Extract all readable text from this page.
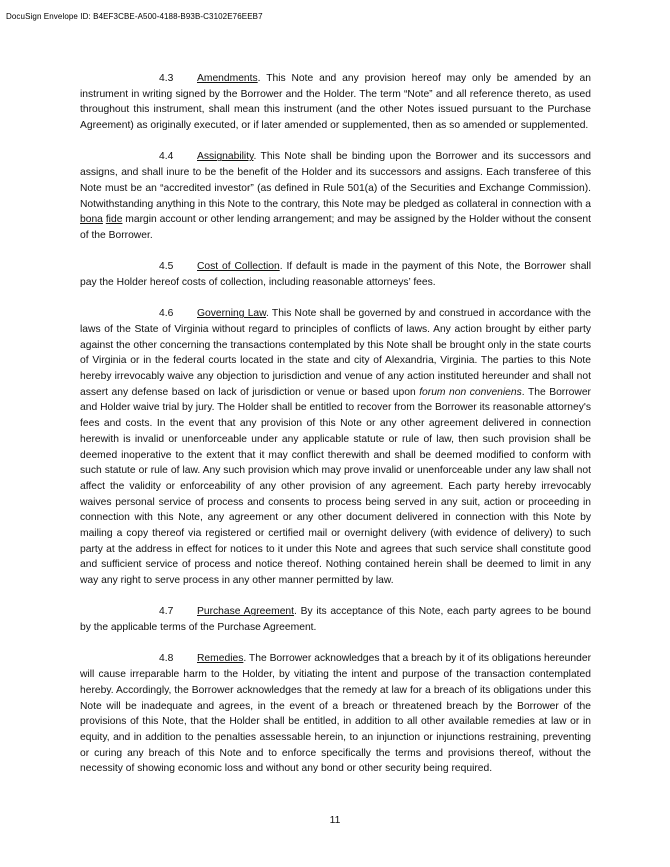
DocuSign Envelope ID: B4EF3CBE-A500-4188-B93B-C3102E76EEB7

4.3 Amendments. This Note and any provision hereof may only be amended by an instrument in writing signed by the Borrower and the Holder. The term “Note” and all reference thereto, as used throughout this instrument, shall mean this instrument (and the other Notes issued pursuant to the Purchase Agreement) as originally executed, or if later amended or supplemented, then as so amended or supplemented.

4.4 Assignability. This Note shall be binding upon the Borrower and its successors and assigns, and shall inure to be the benefit of the Holder and its successors and assigns. Each transferee of this Note must be an “accredited investor” (as defined in Rule 501(a) of the Securities and Exchange Commission). Notwithstanding anything in this Note to the contrary, this Note may be pledged as collateral in connection with a bona fide margin account or other lending arrangement; and may be assigned by the Holder without the consent of the Borrower.

4.5 Cost of Collection. If default is made in the payment of this Note, the Borrower shall pay the Holder hereof costs of collection, including reasonable attorneys’ fees.

4.6 Governing Law. This Note shall be governed by and construed in accordance with the laws of the State of Virginia without regard to principles of conflicts of laws. Any action brought by either party against the other concerning the transactions contemplated by this Note shall be brought only in the state courts of Virginia or in the federal courts located in the state and city of Alexandria, Virginia. The parties to this Note hereby irrevocably waive any objection to jurisdiction and venue of any action instituted hereunder and shall not assert any defense based on lack of jurisdiction or venue or based upon forum non conveniens. The Borrower and Holder waive trial by jury. The Holder shall be entitled to recover from the Borrower its reasonable attorney's fees and costs. In the event that any provision of this Note or any other agreement delivered in connection herewith is invalid or unenforceable under any applicable statute or rule of law, then such provision shall be deemed inoperative to the extent that it may conflict therewith and shall be deemed modified to conform with such statute or rule of law. Any such provision which may prove invalid or unenforceable under any law shall not affect the validity or enforceability of any other provision of any agreement. Each party hereby irrevocably waives personal service of process and consents to process being served in any suit, action or proceeding in connection with this Note, any agreement or any other document delivered in connection with this Note by mailing a copy thereof via registered or certified mail or overnight delivery (with evidence of delivery) to such party at the address in effect for notices to it under this Note and agrees that such service shall constitute good and sufficient service of process and notice thereof. Nothing contained herein shall be deemed to limit in any way any right to serve process in any other manner permitted by law.

4.7 Purchase Agreement. By its acceptance of this Note, each party agrees to be bound by the applicable terms of the Purchase Agreement.

4.8 Remedies. The Borrower acknowledges that a breach by it of its obligations hereunder will cause irreparable harm to the Holder, by vitiating the intent and purpose of the transaction contemplated hereby. Accordingly, the Borrower acknowledges that the remedy at law for a breach of its obligations under this Note will be inadequate and agrees, in the event of a breach or threatened breach by the Borrower of the provisions of this Note, that the Holder shall be entitled, in addition to all other available remedies at law or in equity, and in addition to the penalties assessable herein, to an injunction or injunctions restraining, preventing or curing any breach of this Note and to enforce specifically the terms and provisions thereof, without the necessity of showing economic loss and without any bond or other security being required.

11
